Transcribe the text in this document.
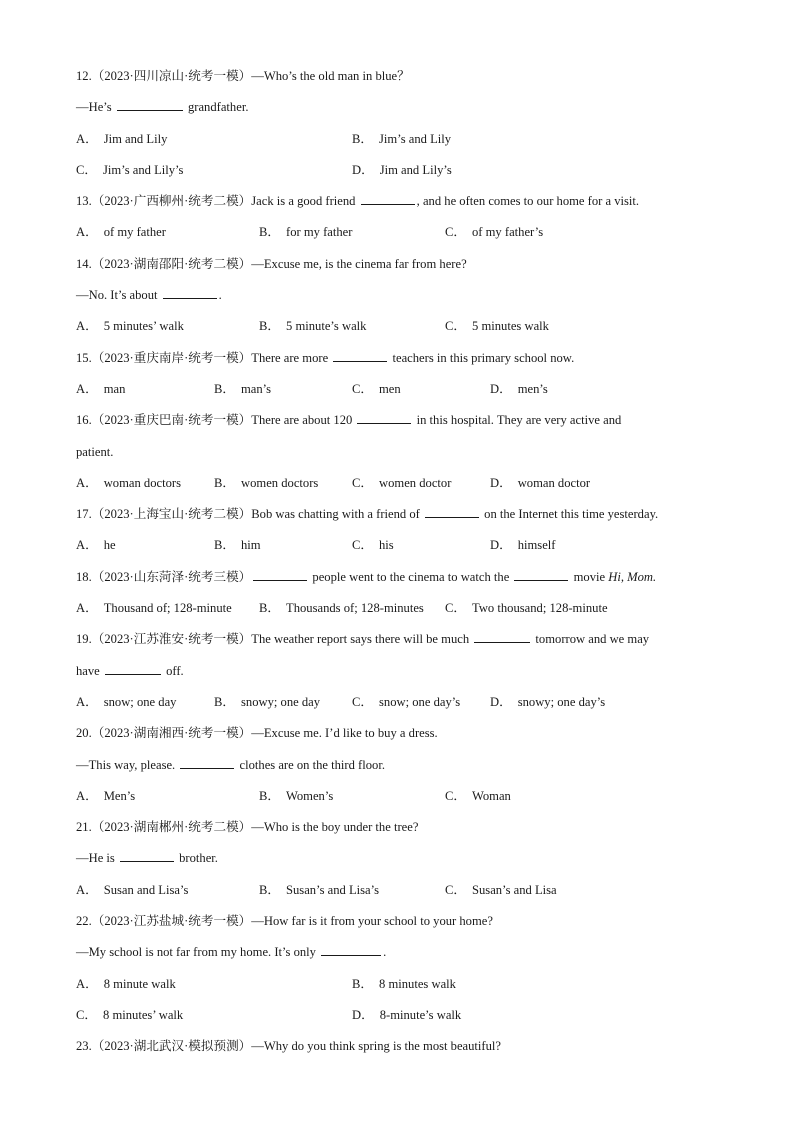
12.（2023·四川凉山·统考一模）—Who’s the old man in blue？
—He’s	grandfather.
A． Jim and Lily	B． Jim’s and Lily
C． Jim’s and Lily’s	D． Jim and Lily’s
13.（2023·广西柳州·统考二模）Jack is a good friend	, and he often comes to our home for a visit.
A． of my father	B． for my father	C． of my father’s
14.（2023·湖南邵阳·统考二模）—Excuse me, is the cinema far from here?
—No. It’s about	.
A． 5 minutes’ walk	B． 5 minute’s walk	C． 5 minutes walk
15.（2023·重庆南岸·统考一模）There are more	teachers in this primary school now.
A． man	B． man’s	C． men	D． men’s
16.（2023·重庆巴南·统考一模）There are about 120	in this hospital. They are very active and
patient.
A． woman doctors	B． women doctors	C． women doctor	D． woman doctor
17.（2023·上海宝山·统考二模）Bob was chatting with a friend of	on the Internet this time yesterday.
A． he	B． him	C． his	D． himself
18.（2023·山东菏泽·统考三模）	people went to the cinema to watch the	movie Hi, Mom.
A． Thousand of; 128-minute B． Thousands of; 128-minutes C． Two thousand; 128-minute
19.（2023·江苏淮安·统考一模）The weather report says there will be much	tomorrow and we may
have	off.
A． snow; one day	B． snowy; one day	C． snow; one day’s D． snowy; one day’s
20.（2023·湖南湘西·统考一模）—Excuse me. I’d like to buy a dress.
—This way, please.	clothes are on the third floor.
A． Men’s	B． Women’s	C． Woman
21.（2023·湖南郴州·统考二模）—Who is the boy under the tree?
—He is	brother.
A． Susan and Lisa’s	B． Susan’s and Lisa’s	C． Susan’s and Lisa
22.（2023·江苏盐城·统考一模）—How far is it from your school to your home?
—My school is not far from my home. It’s only	.
A． 8 minute walk	B． 8 minutes walk
C． 8 minutes’ walk	D． 8-minute’s walk
23.（2023·湖北武汉·模拟预测）—Why do you think spring is the most beautiful?
